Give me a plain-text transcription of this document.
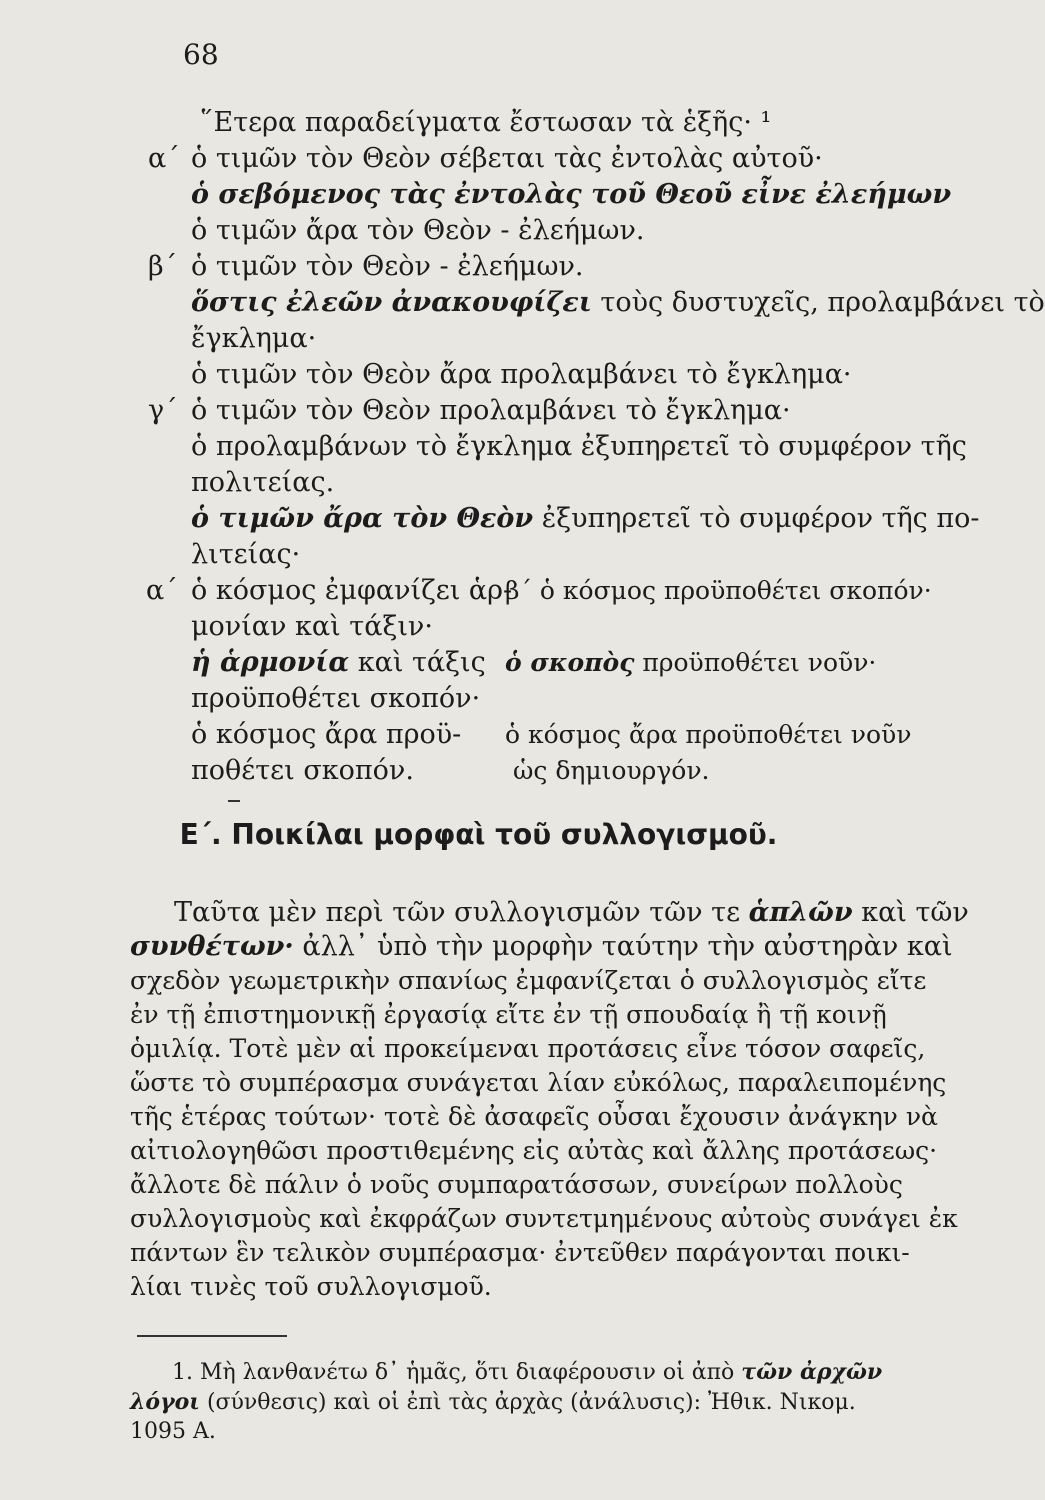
68
῞Ετερα παραδείγματα ἔστωσαν τὰ ἑξῆς· ¹
α΄ ὁ τιμῶν τὸν Θεὸν σέβεται τὰς ἐντολὰς αὐτοῦ·
ὁ σεβόμενος τὰς ἐντολὰς τοῦ Θεοῦ εἶνε ἐλεήμων
ὁ τιμῶν ἄρα τὸν Θεὸν - ἐλεήμων.
β΄ ὁ τιμῶν τὸν Θεὸν - ἐλεήμων.
ὅστις ἐλεῶν ἀνακουφίζει τοὺς δυστυχεῖς, προλαμβάνει τὸ
ἔγκλημα·
ὁ τιμῶν τὸν Θεὸν ἄρα προλαμβάνει τὸ ἔγκλημα·
γ΄ ὁ τιμῶν τὸν Θεὸν προλαμβάνει τὸ ἔγκλημα·
ὁ προλαμβάνων τὸ ἔγκλημα ἐξυπηρετεῖ τὸ συμφέρον τῆς
πολιτείας.
ὁ τιμῶν ἄρα τὸν Θεὸν ἐξυπηρετεῖ τὸ συμφέρον τῆς πο-
λιτείας·
α΄ ὁ κόσμος ἐμφανίζει ἁρ-
μονίαν καὶ τάξιν·
ἡ ἁρμονία καὶ τάξις
προϋποθέτει σκοπόν·
ὁ κόσμος ἄρα προϋ-
ποθέτει σκοπόν.
β΄ ὁ κόσμος προϋποθέτει σκοπόν·
ὁ σκοπὸς προϋποθέτει νοῦν·
ὁ κόσμος ἄρα προϋποθέτει νοῦν
ὡς δημιουργόν.
Ε΄. Ποικίλαι μορφαὶ τοῦ συλλογισμοῦ.
Ταῦτα μὲν περὶ τῶν συλλογισμῶν τῶν τε ἁπλῶν καὶ τῶν
συνθέτων· ἀλλ᾽ ὑπὸ τὴν μορφὴν ταύτην τὴν αὐστηρὰν καὶ
σχεδὸν γεωμετρικὴν σπανίως ἐμφανίζεται ὁ συλλογισμὸς εἴτε
ἐν τῇ ἐπιστημονικῇ ἐργασίᾳ εἴτε ἐν τῇ σπουδαίᾳ ἢ τῇ κοινῇ
ὁμιλίᾳ. Τοτὲ μὲν αἱ προκείμεναι προτάσεις εἶνε τόσον σαφεῖς,
ὥστε τὸ συμπέρασμα συνάγεται λίαν εὐκόλως, παραλειπομένης
τῆς ἑτέρας τούτων· τοτὲ δὲ ἀσαφεῖς οὖσαι ἔχουσιν ἀνάγκην νὰ
αἰτιολογηθῶσι προστιθεμένης εἰς αὐτὰς καὶ ἄλλης προτάσεως·
ἄλλοτε δὲ πάλιν ὁ νοῦς συμπαρατάσσων, συνείρων πολλοὺς
συλλογισμοὺς καὶ ἐκφράζων συντετμημένους αὐτοὺς συνάγει ἐκ
πάντων ἓν τελικὸν συμπέρασμα· ἐντεῦθεν παράγονται ποικι-
λίαι τινὲς τοῦ συλλογισμοῦ.
1. Μὴ λανθανέτω δ᾽ ἡμᾶς, ὅτι διαφέρουσιν οἱ ἀπὸ τῶν ἀρχῶν
λόγοι (σύνθεσις) καὶ οἱ ἐπὶ τὰς ἀρχὰς (ἀνάλυσις): Ἠθικ. Νικομ.
1095 Α.
